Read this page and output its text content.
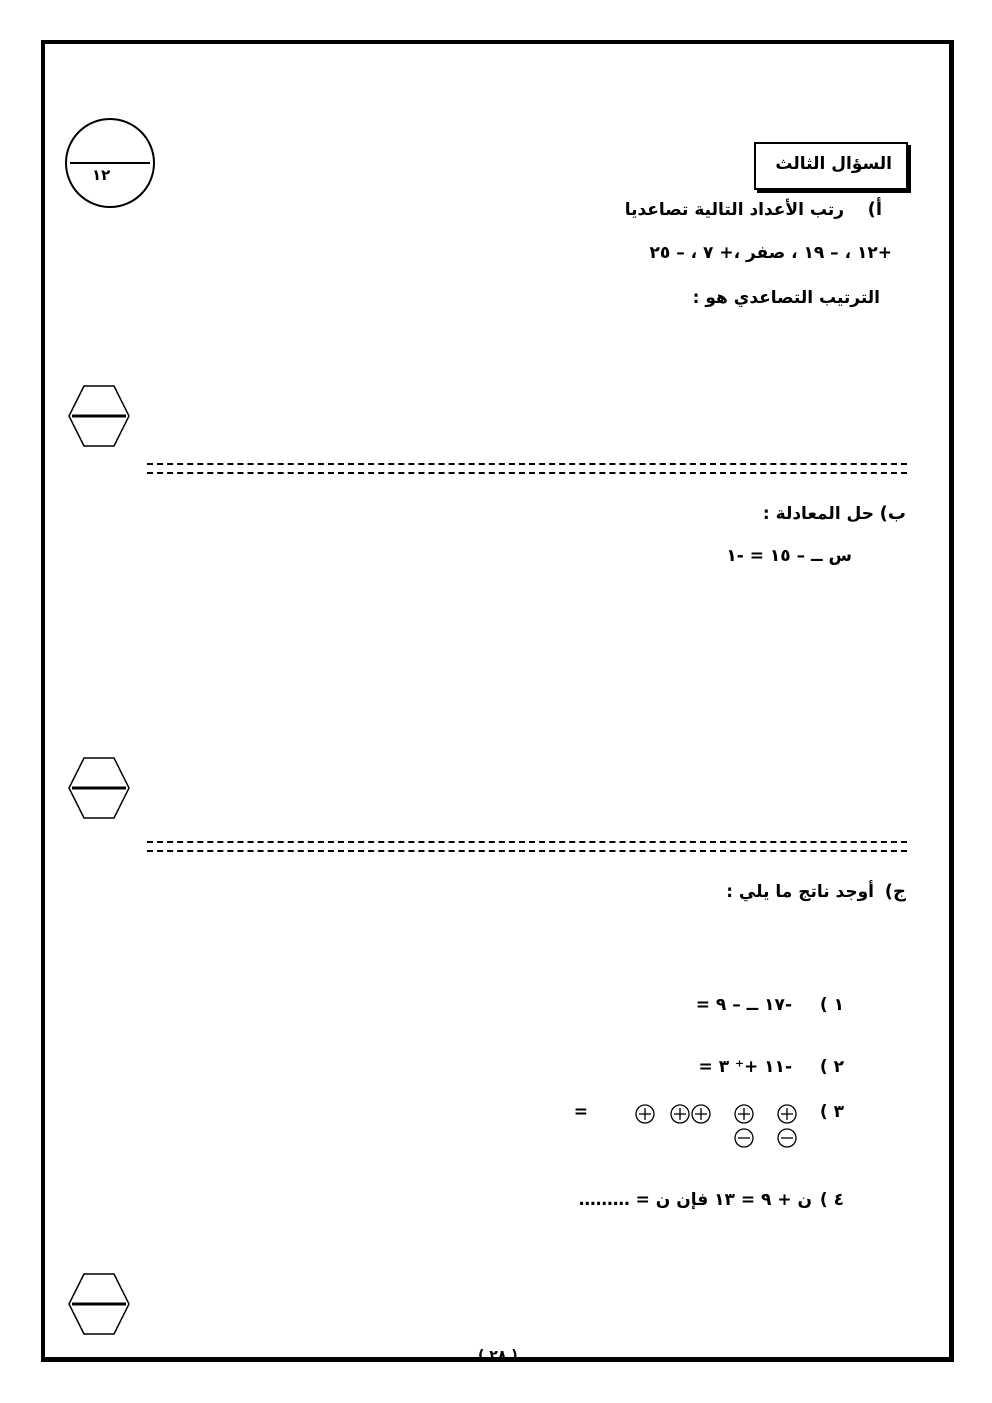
١٢
السؤال الثالث
أ)
رتب الأعداد التالية تصاعديا
+١٢ ، – ١٩ ، صفر ،+ ٧ ، – ٢٥
الترتيب التصاعدي هو :
ب)
حل المعادلة :
س ــ – ١٥ = -١
ج)
أوجد ناتج ما يلي :
١ )
-١٧ ــ – ٩ =
٢ )
-١١ +⁺ ٣ =
٣ )
=
٤ )
ن + ٩ = ١٣ فإن ن = ………
( ٢٨ )
